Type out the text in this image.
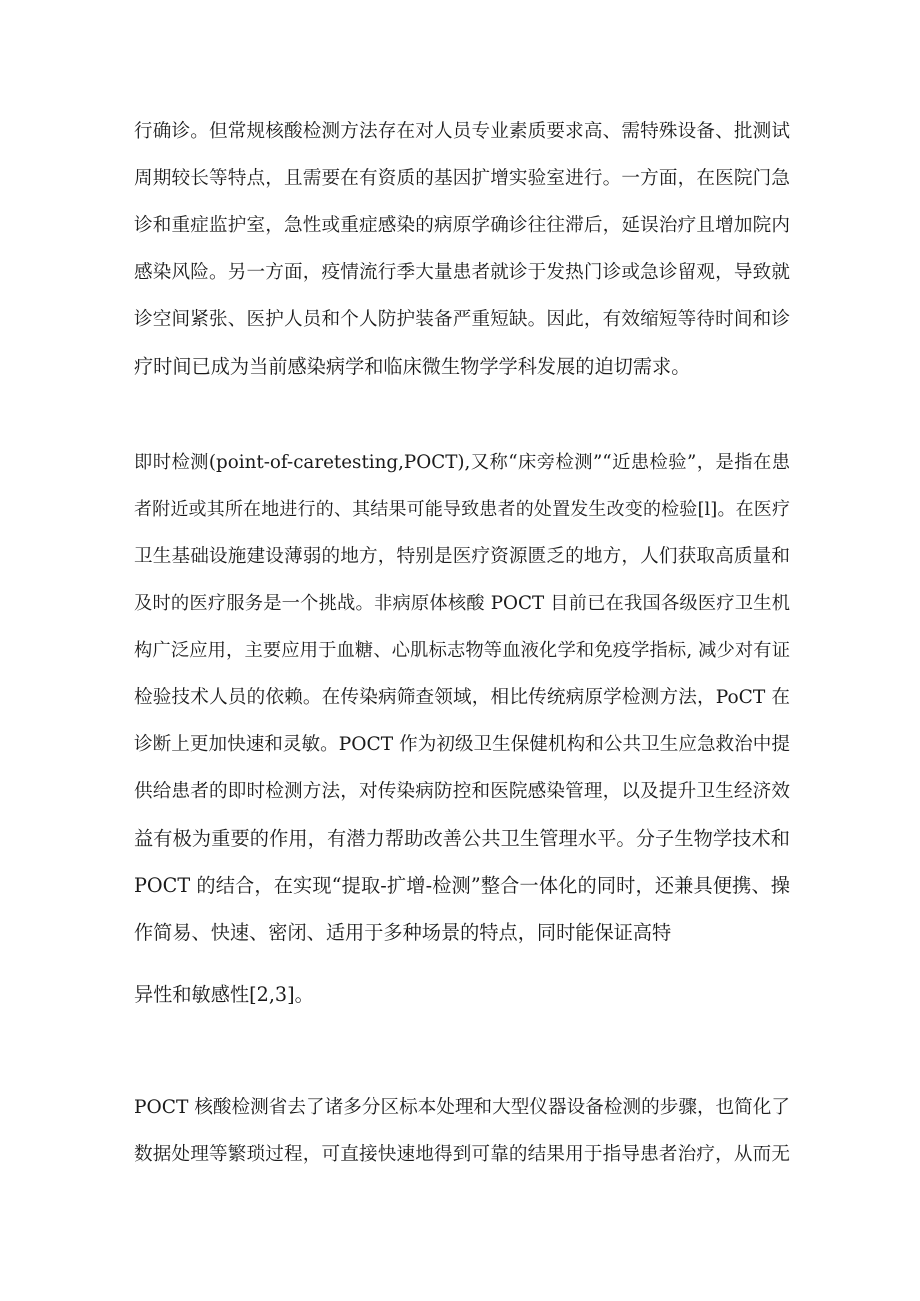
行确诊。但常规核酸检测方法存在对人员专业素质要求高、需特殊设备、批测试
周期较长等特点，且需要在有资质的基因扩增实验室进行。一方面，在医院门急
诊和重症监护室，急性或重症感染的病原学确诊往往滞后，延误治疗且增加院内
感染风险。另一方面，疫情流行季大量患者就诊于发热门诊或急诊留观，导致就
诊空间紧张、医护人员和个人防护装备严重短缺。因此，有效缩短等待时间和诊
疗时间已成为当前感染病学和临床微生物学学科发展的迫切需求。
即时检测(point-of-caretesting,POCT),又称“床旁检测”“近患检验”，是指在患
者附近或其所在地进行的、其结果可能导致患者的处置发生改变的检验[l]。在医疗
卫生基础设施建设薄弱的地方，特别是医疗资源匮乏的地方，人们获取高质量和
及时的医疗服务是一个挑战。非病原体核酸 POCT 目前已在我国各级医疗卫生机
构广泛应用，主要应用于血糖、心肌标志物等血液化学和免疫学指标, 减少对有证
检验技术人员的依赖。在传染病筛查领域，相比传统病原学检测方法，PoCT 在
诊断上更加快速和灵敏。POCT 作为初级卫生保健机构和公共卫生应急救治中提
供给患者的即时检测方法，对传染病防控和医院感染管理，以及提升卫生经济效
益有极为重要的作用，有潜力帮助改善公共卫生管理水平。分子生物学技术和
POCT 的结合，在实现“提取-扩增-检测”整合一体化的同时，还兼具便携、操
作简易、快速、密闭、适用于多种场景的特点，同时能保证高特
异性和敏感性[2,3]。
POCT 核酸检测省去了诸多分区标本处理和大型仪器设备检测的步骤，也简化了
数据处理等繁琐过程，可直接快速地得到可靠的结果用于指导患者治疗，从而无
